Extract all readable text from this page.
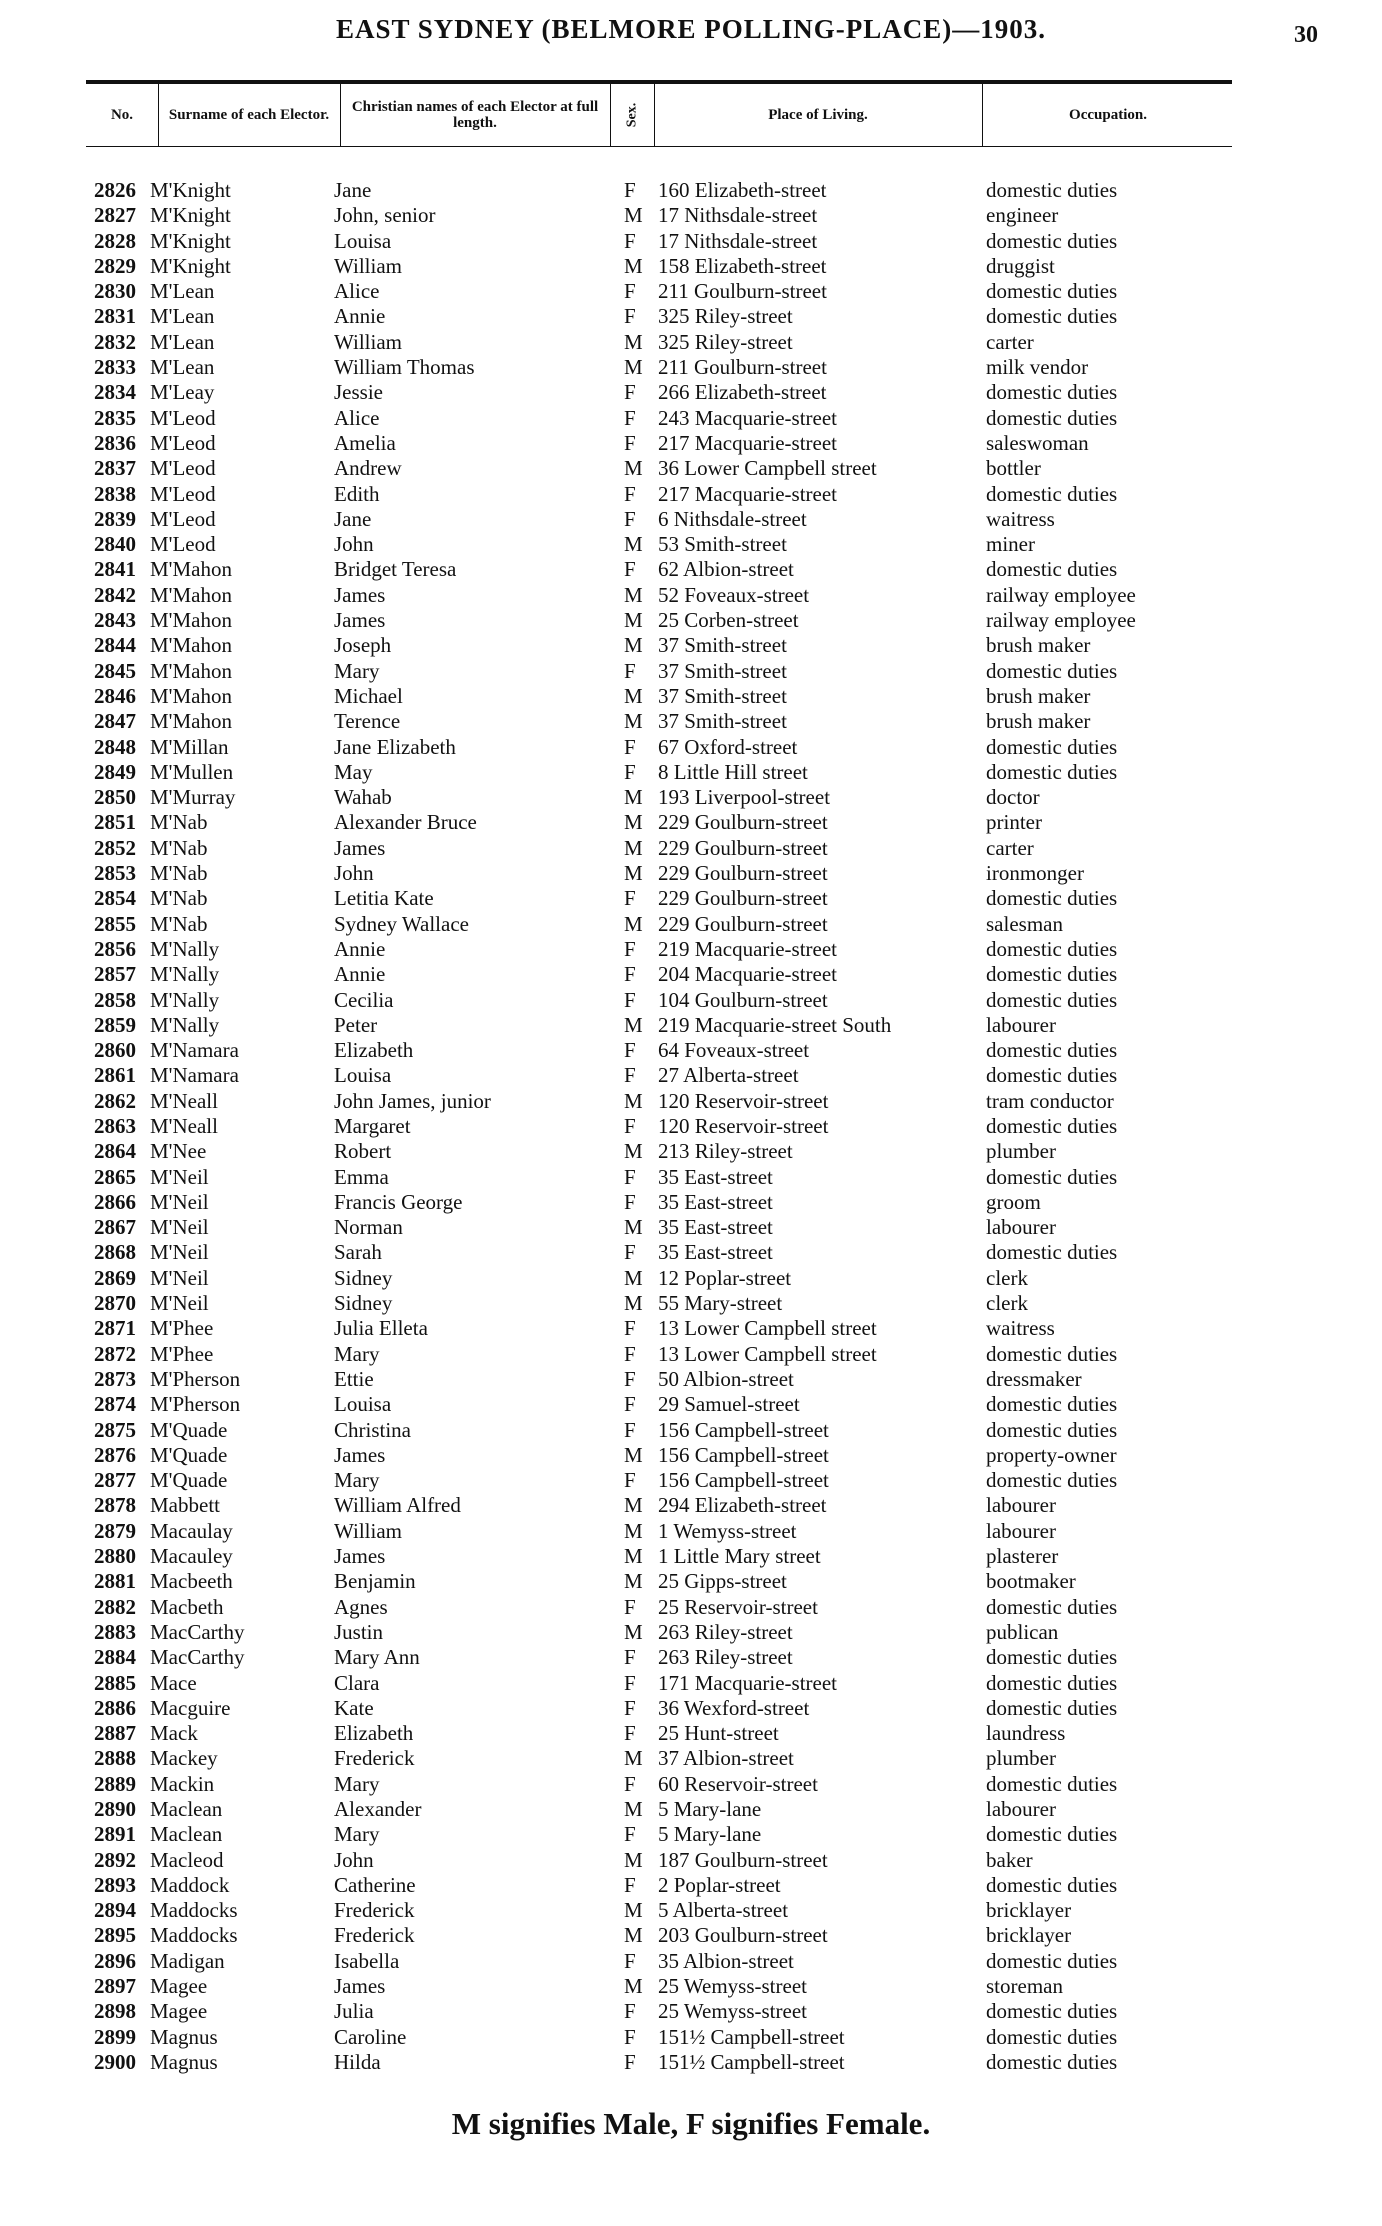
EAST SYDNEY (BELMORE POLLING-PLACE)—1903.	30
No.	Surname of each Elector.	Christian names of each Elector at full length.	Sex.	Place of Living.	Occupation.
2826 M'Knight	Jane	F	160 Elizabeth-street	domestic duties
2827 M'Knight	John, senior	M 17 Nithsdale-street	engineer
2828 M'Knight	Louisa	F	17 Nithsdale-street	domestic duties
2829 M'Knight	William	M 158 Elizabeth-street	druggist
2830 M'Lean	Alice	F	211 Goulburn-street	domestic duties
2831 M'Lean	Annie	F	325 Riley-street	domestic duties
2832 M'Lean	William	M 325 Riley-street	carter
2833 M'Lean	William Thomas	M 211 Goulburn-street	milk vendor
2834 M'Leay	Jessie	F	266 Elizabeth-street	domestic duties
2835 M'Leod	Alice	F	243 Macquarie-street	domestic duties
2836 M'Leod	Amelia	F	217 Macquarie-street	saleswoman
2837 M'Leod	Andrew	M 36 Lower Campbell street	bottler
2838 M'Leod	Edith	F	217 Macquarie-street	domestic duties
2839 M'Leod	Jane	F	6 Nithsdale-street	waitress
2840 M'Leod	John	M 53 Smith-street	miner
2841 M'Mahon	Bridget Teresa	F	62 Albion-street	domestic duties
2842 M'Mahon	James	M 52 Foveaux-street	railway employee
2843 M'Mahon	James	M 25 Corben-street	railway employee
2844 M'Mahon	Joseph	M 37 Smith-street	brush maker
2845 M'Mahon	Mary	F	37 Smith-street	domestic duties
2846 M'Mahon	Michael	M 37 Smith-street	brush maker
2847 M'Mahon	Terence	M 37 Smith-street	brush maker
2848 M'Millan	Jane Elizabeth	F	67 Oxford-street	domestic duties
2849 M'Mullen	May	F	8 Little Hill street	domestic duties
2850 M'Murray	Wahab	M 193 Liverpool-street	doctor
2851 M'Nab	Alexander Bruce	M 229 Goulburn-street	printer
2852 M'Nab	James	M 229 Goulburn-street	carter
2853 M'Nab	John	M 229 Goulburn-street	ironmonger
2854 M'Nab	Letitia Kate	F	229 Goulburn-street	domestic duties
2855 M'Nab	Sydney Wallace	M 229 Goulburn-street	salesman
2856 M'Nally	Annie	F	219 Macquarie-street	domestic duties
2857 M'Nally	Annie	F	204 Macquarie-street	domestic duties
2858 M'Nally	Cecilia	F	104 Goulburn-street	domestic duties
2859 M'Nally	Peter	M 219 Macquarie-street South	labourer
2860 M'Namara	Elizabeth	F	64 Foveaux-street	domestic duties
2861 M'Namara	Louisa	F	27 Alberta-street	domestic duties
2862 M'Neall	John James, junior	M 120 Reservoir-street	tram conductor
2863 M'Neall	Margaret	F	120 Reservoir-street	domestic duties
2864 M'Nee	Robert	M 213 Riley-street	plumber
2865 M'Neil	Emma	F	35 East-street	domestic duties
2866 M'Neil	Francis George	F	35 East-street	groom
2867 M'Neil	Norman	M 35 East-street	labourer
2868 M'Neil	Sarah	F	35 East-street	domestic duties
2869 M'Neil	Sidney	M 12 Poplar-street	clerk
2870 M'Neil	Sidney	M 55 Mary-street	clerk
2871 M'Phee	Julia Elleta	F	13 Lower Campbell street	waitress
2872 M'Phee	Mary	F	13 Lower Campbell street	domestic duties
2873 M'Pherson	Ettie	F	50 Albion-street	dressmaker
2874 M'Pherson	Louisa	F	29 Samuel-street	domestic duties
2875 M'Quade	Christina	F	156 Campbell-street	domestic duties
2876 M'Quade	James	M 156 Campbell-street	property-owner
2877 M'Quade	Mary	F	156 Campbell-street	domestic duties
2878 Mabbett	William Alfred	M 294 Elizabeth-street	labourer
2879 Macaulay	William	M 1 Wemyss-street	labourer
2880 Macauley	James	M 1 Little Mary street	plasterer
2881 Macbeeth	Benjamin	M 25 Gipps-street	bootmaker
2882 Macbeth	Agnes	F	25 Reservoir-street	domestic duties
2883 MacCarthy	Justin	M 263 Riley-street	publican
2884 MacCarthy	Mary Ann	F	263 Riley-street	domestic duties
2885 Mace	Clara	F	171 Macquarie-street	domestic duties
2886 Macguire	Kate	F	36 Wexford-street	domestic duties
2887 Mack	Elizabeth	F	25 Hunt-street	laundress
2888 Mackey	Frederick	M 37 Albion-street	plumber
2889 Mackin	Mary	F	60 Reservoir-street	domestic duties
2890 Maclean	Alexander	M 5 Mary-lane	labourer
2891 Maclean	Mary	F	5 Mary-lane	domestic duties
2892 Macleod	John	M 187 Goulburn-street	baker
2893 Maddock	Catherine	F	2 Poplar-street	domestic duties
2894 Maddocks	Frederick	M 5 Alberta-street	bricklayer
2895 Maddocks	Frederick	M 203 Goulburn-street	bricklayer
2896 Madigan	Isabella	F	35 Albion-street	domestic duties
2897 Magee	James	M 25 Wemyss-street	storeman
2898 Magee	Julia	F	25 Wemyss-street	domestic duties
2899 Magnus	Caroline	F	151½ Campbell-street	domestic duties
2900 Magnus	Hilda	F	151½ Campbell-street	domestic duties
M signifies Male, F signifies Female.
